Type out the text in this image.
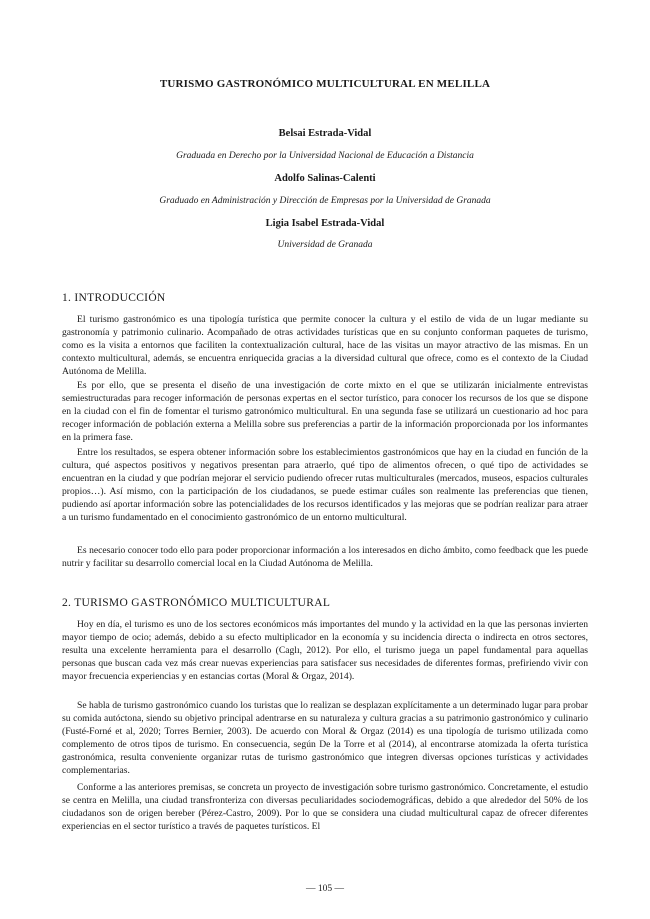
TURISMO GASTRONÓMICO MULTICULTURAL EN MELILLA
Belsai Estrada-Vidal
Graduada en Derecho por la Universidad Nacional de Educación a Distancia
Adolfo Salinas-Calenti
Graduado en Administración y Dirección de Empresas por la Universidad de Granada
Ligia Isabel Estrada-Vidal
Universidad de Granada
1. INTRODUCCIÓN

El turismo gastronómico es una tipología turística que permite conocer la cultura y el estilo de vida de un lugar mediante su gastronomía y patrimonio culinario. Acompañado de otras actividades turísticas que en su conjunto conforman paquetes de turismo, como es la visita a entornos que faciliten la contextualización cultural, hace de las visitas un mayor atractivo de las mismas. En un contexto multicultural, además, se encuentra enriquecida gracias a la diversidad cultural que ofrece, como es el contexto de la Ciudad Autónoma de Melilla.

Es por ello, que se presenta el diseño de una investigación de corte mixto en el que se utilizarán inicialmente entrevistas semiestructuradas para recoger información de personas expertas en el sector turístico, para conocer los recursos de los que se dispone en la ciudad con el fin de fomentar el turismo gatronómico multicultural. En una segunda fase se utilizará un cuestionario ad hoc para recoger información de población externa a Melilla sobre sus preferencias a partir de la información proporcionada por los informantes en la primera fase.

Entre los resultados, se espera obtener información sobre los establecimientos gastronómicos que hay en la ciudad en función de la cultura, qué aspectos positivos y negativos presentan para atraerlo, qué tipo de alimentos ofrecen, o qué tipo de actividades se encuentran en la ciudad y que podrían mejorar el servicio pudiendo ofrecer rutas multiculturales (mercados, museos, espacios culturales propios…). Así mismo, con la participación de los ciudadanos, se puede estimar cuáles son realmente las preferencias que tienen, pudiendo así aportar información sobre las potencialidades de los recursos identificados y las mejoras que se podrían realizar para atraer a un turismo fundamentado en el conocimiento gastronómico de un entorno multicultural.

Es necesario conocer todo ello para poder proporcionar información a los interesados en dicho ámbito, como feedback que les puede nutrir y facilitar su desarrollo comercial local en la Ciudad Autónoma de Melilla.

2. TURISMO GASTRONÓMICO MULTICULTURAL

Hoy en día, el turismo es uno de los sectores económicos más importantes del mundo y la actividad en la que las personas invierten mayor tiempo de ocio; además, debido a su efecto multiplicador en la economía y su incidencia directa o indirecta en otros sectores, resulta una excelente herramienta para el desarrollo (Caglı, 2012). Por ello, el turismo juega un papel fundamental para aquellas personas que buscan cada vez más crear nuevas experiencias para satisfacer sus necesidades de diferentes formas, prefiriendo vivir con mayor frecuencia experiencias y en estancias cortas (Moral & Orgaz, 2014).

Se habla de turismo gastronómico cuando los turistas que lo realizan se desplazan explícitamente a un determinado lugar para probar su comida autóctona, siendo su objetivo principal adentrarse en su naturaleza y cultura gracias a su patrimonio gastronómico y culinario (Fusté-Forné et al, 2020; Torres Bernier, 2003). De acuerdo con Moral & Orgaz (2014) es una tipología de turismo utilizada como complemento de otros tipos de turismo. En consecuencia, según De la Torre et al (2014), al encontrarse atomizada la oferta turística gastronómica, resulta conveniente organizar rutas de turismo gastronómico que integren diversas opciones turísticas y actividades complementarias.

Conforme a las anteriores premisas, se concreta un proyecto de investigación sobre turismo gastronómico. Concretamente, el estudio se centra en Melilla, una ciudad transfronteriza con diversas peculiaridades sociodemográficas, debido a que alrededor del 50% de los ciudadanos son de origen bereber (Pérez-Castro, 2009). Por lo que se considera una ciudad multicultural capaz de ofrecer diferentes experiencias en el sector turístico a través de paquetes turísticos. El

— 105 —
